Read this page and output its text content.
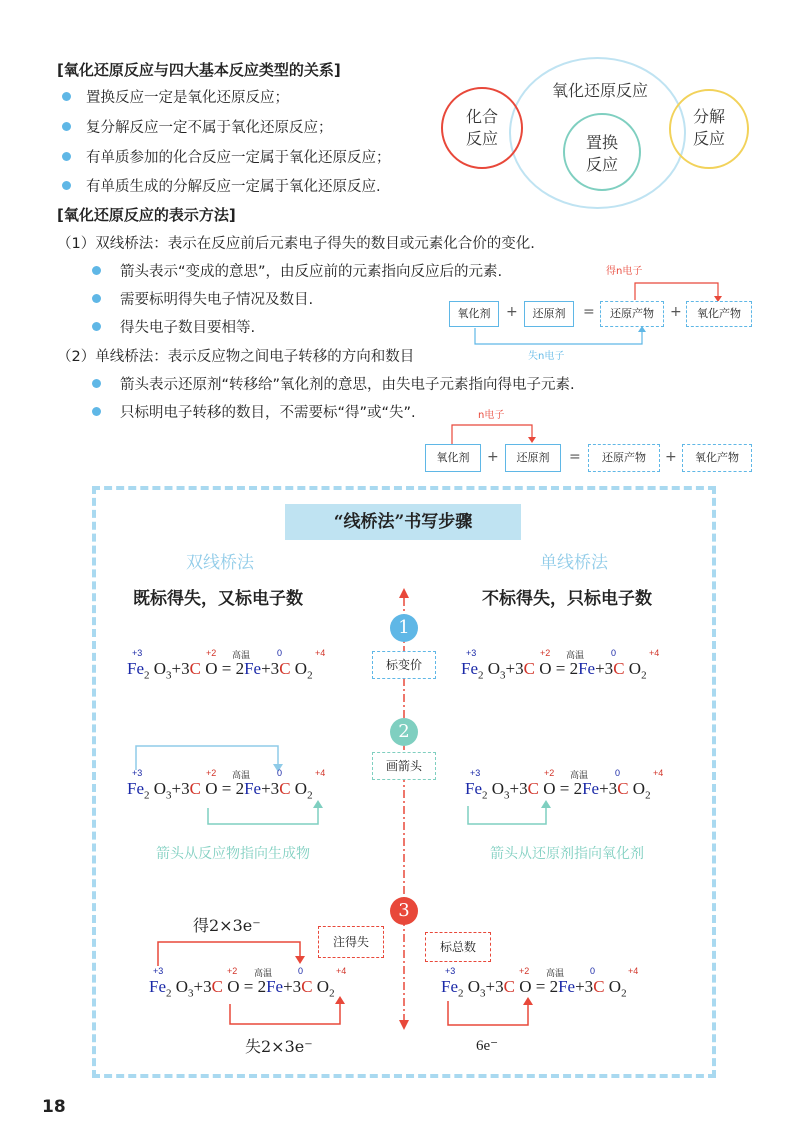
[氧化还原反应与四大基本反应类型的关系]
置换反应一定是氧化还原反应；
复分解反应一定不属于氧化还原反应；
有单质参加的化合反应一定属于氧化还原反应；
有单质生成的分解反应一定属于氧化还原反应.
氧化还原反应
化合
反应	置换
反应
分解
反应
[氧化还原反应的表示方法]
（1）双线桥法：表示在反应前后元素电子得失的数目或元素化合价的变化.
箭头表示“变成的意思”，由反应前的元素指向反应后的元素.
需要标明得失电子情况及数目.
得失电子数目要相等.
（2）单线桥法：表示反应物之间电子转移的方向和数目
箭头表示还原剂“转移给”氧化剂的意思，由失电子元素指向得电子元素.
只标明电子转移的数目，不需要标“得”或“失”.
得n电子
失n电子
氧化剂	+	还原剂	=	还原产物	+	氧化产物
n电子
氧化剂	+	还原剂	=	还原产物	+	氧化产物
“线桥法”书写步骤
双线桥法	单线桥法
既标得失，又标电子数	不标得失，只标电子数
1
标变价
2
画箭头
3
注得失	标总数
$Fe_2$ $O_3+3C$ O = 2Fe+3C $O_2$
+3	+2 高温	0	+4
$Fe_2$ $O_3+3C$ O = 2Fe+3C $O_2$
+3	+2 高温	0	+4
$Fe_2$ $O_3+3C$ O = 2Fe+3C $O_2$
+3	+2 高温	0	+4
$Fe_2$ $O_3+3C$ O = 2Fe+3C $O_2$
+3	+2 高温	0	+4
箭头从反应物指向生成物	箭头从还原剂指向氧化剂
得2×3e⁻
$Fe_2$ $O_3+3C$ O = 2Fe+3C $O_2$
+3	+2 高温	0	+4
失2×3e⁻
$Fe_2$ $O_3+3C$ O = 2Fe+3C $O_2$
+3	+2 高温	0	+4
6e⁻
18
